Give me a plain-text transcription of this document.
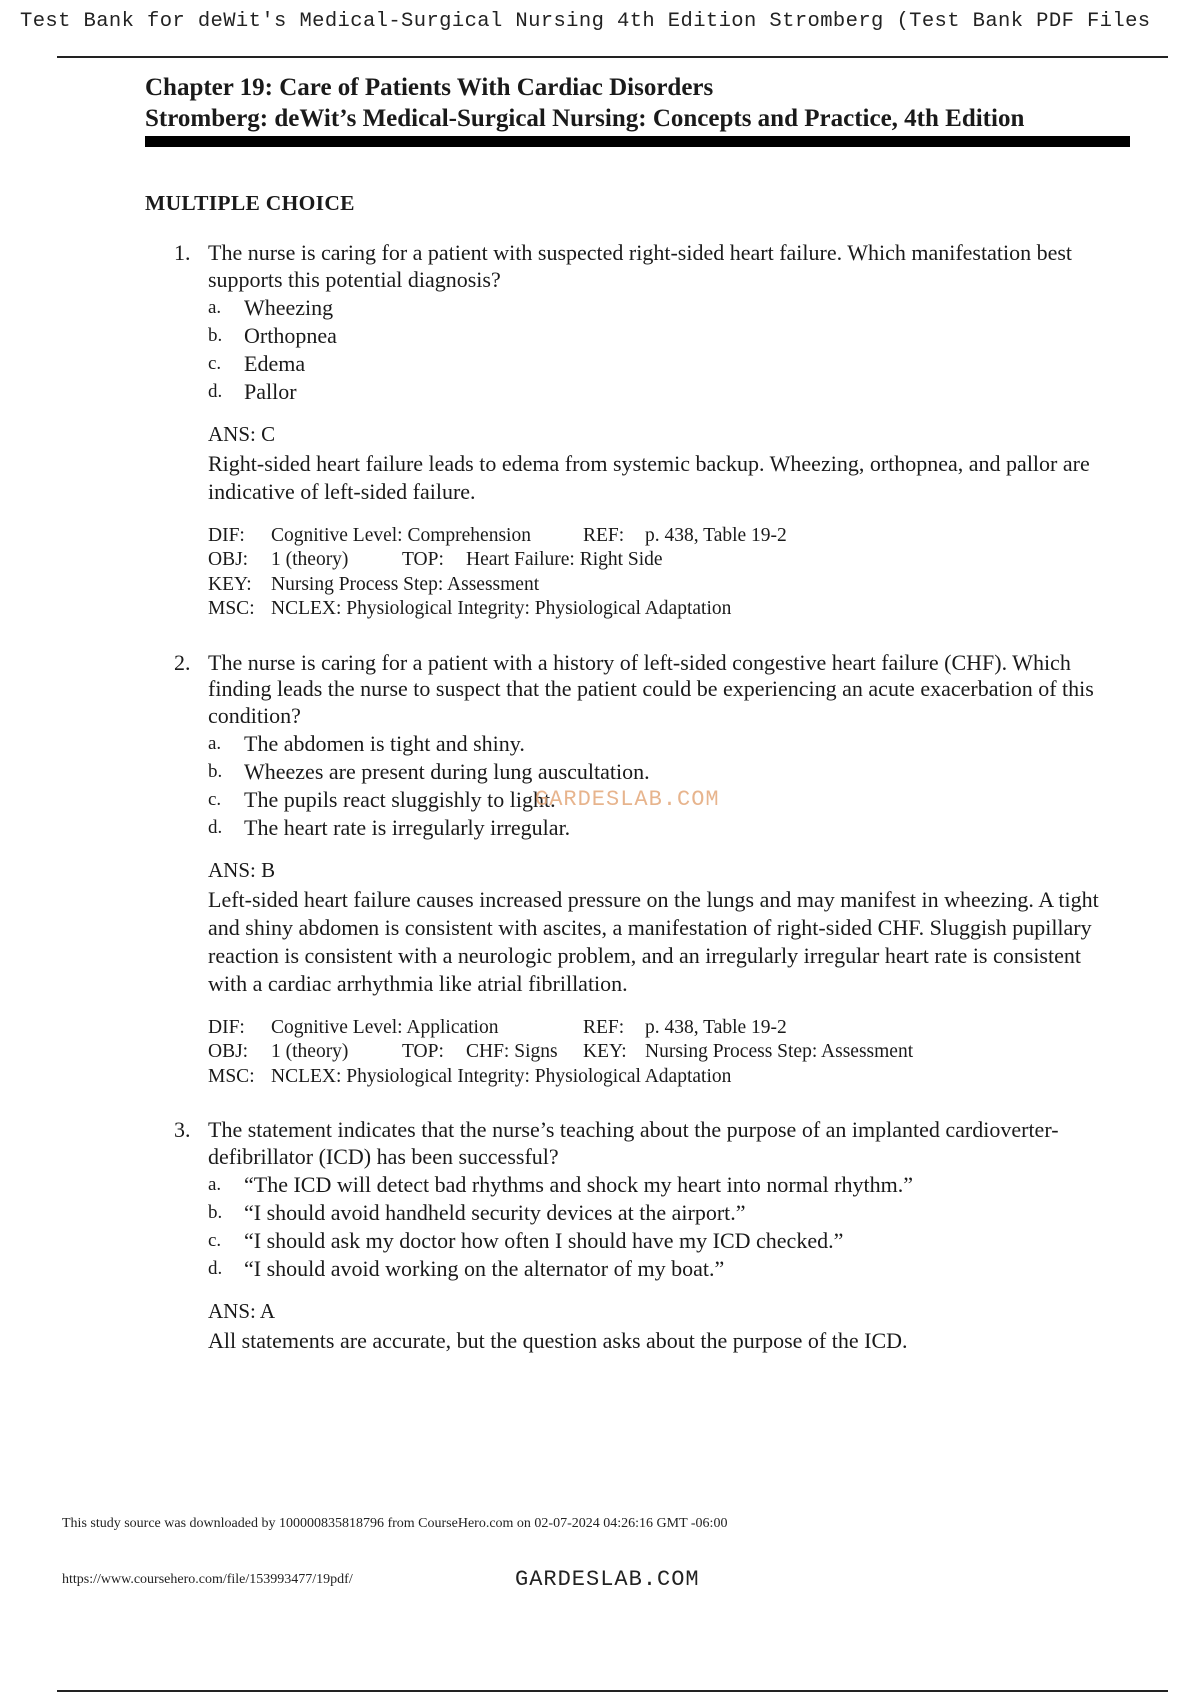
Test Bank for deWit's Medical-Surgical Nursing 4th Edition Stromberg (Test Bank PDF Files
Chapter 19: Care of Patients With Cardiac Disorders
Stromberg: deWit’s Medical-Surgical Nursing: Concepts and Practice, 4th Edition
MULTIPLE CHOICE
1. The nurse is caring for a patient with suspected right-sided heart failure. Which manifestation best supports this potential diagnosis?
a.	Wheezing
b. Orthopnea
c.	Edema
d. Pallor
ANS: C
Right-sided heart failure leads to edema from systemic backup. Wheezing, orthopnea, and pallor are indicative of left-sided failure.
DIF:	Cognitive Level: Comprehension	REF:	p. 438, Table 19-2
OBJ:	1 (theory)	TOP:	Heart Failure: Right Side
KEY: Nursing Process Step: Assessment
MSC: NCLEX: Physiological Integrity: Physiological Adaptation
2. The nurse is caring for a patient with a history of left-sided congestive heart failure (CHF). Which finding leads the nurse to suspect that the patient could be experiencing an acute exacerbation of this condition?
a.	The abdomen is tight and shiny.
b. Wheezes are present during lung auscultation.
c.	The pupils react sluggishly to light.
d. The heart rate is irregularly irregular.
ANS: B
Left-sided heart failure causes increased pressure on the lungs and may manifest in wheezing. A tight and shiny abdomen is consistent with ascites, a manifestation of right-sided CHF. Sluggish pupillary reaction is consistent with a neurologic problem, and an irregularly irregular heart rate is consistent with a cardiac arrhythmia like atrial fibrillation.
DIF:	Cognitive Level: Application	REF:	p. 438, Table 19-2
OBJ:	1 (theory)	TOP:	CHF: Signs	KEY: Nursing Process Step: Assessment
MSC: NCLEX: Physiological Integrity: Physiological Adaptation
3. The statement indicates that the nurse’s teaching about the purpose of an implanted cardioverter-defibrillator (ICD) has been successful?
a.	“The ICD will detect bad rhythms and shock my heart into normal rhythm.”
b. “I should avoid handheld security devices at the airport.”
c.	“I should ask my doctor how often I should have my ICD checked.”
d. “I should avoid working on the alternator of my boat.”
ANS: A
All statements are accurate, but the question asks about the purpose of the ICD.
GARDESLAB.COM
This study source was downloaded by 100000835818796 from CourseHero.com on 02-07-2024 04:26:16 GMT -06:00
https://www.coursehero.com/file/153993477/19pdf/	GARDESLAB.COM
